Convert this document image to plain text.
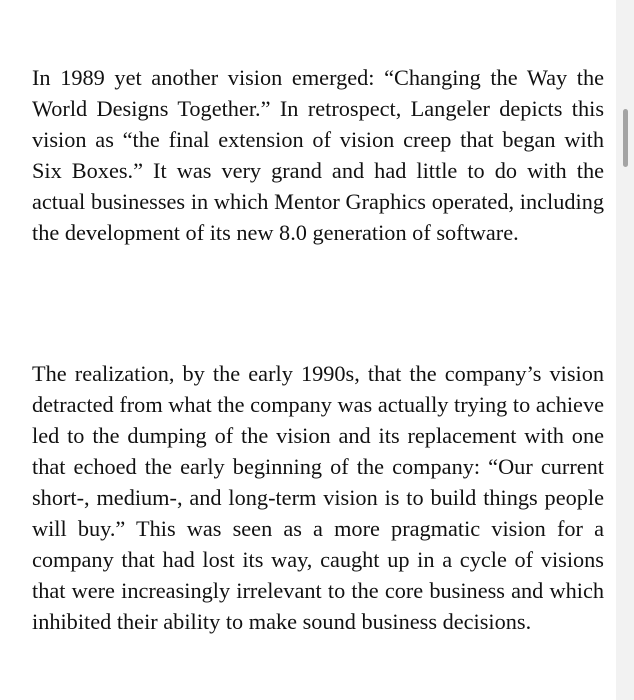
In 1989 yet another vision emerged: “Changing the Way the World Designs Together.” In retrospect, Langeler depicts this vision as “the final extension of vision creep that began with Six Boxes.” It was very grand and had little to do with the actual businesses in which Mentor Graphics operated, including the development of its new 8.0 generation of software.

The realization, by the early 1990s, that the company’s vision detracted from what the company was actually trying to achieve led to the dumping of the vision and its replacement with one that echoed the early beginning of the company: “Our current short-, medium-, and long-term vision is to build things people will buy.” This was seen as a more pragmatic vision for a company that had lost its way, caught up in a cycle of visions that were increasingly irrelevant to the core business and which inhibited their ability to make sound business decisions.
